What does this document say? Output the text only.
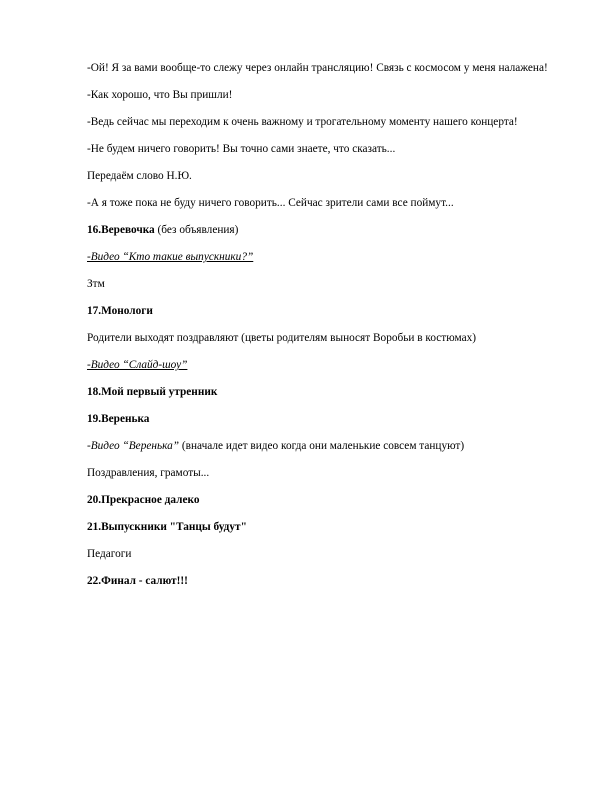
-Ой! Я за вами вообще-то слежу через онлайн трансляцию! Связь с космосом у меня налажена!
-Как хорошо, что Вы пришли!
-Ведь сейчас мы переходим к очень важному и трогательному моменту нашего концерта!
-Не будем ничего говорить! Вы точно сами знаете, что сказать...
Передаём слово Н.Ю.
-А я тоже пока не буду ничего говорить... Сейчас зрители сами все поймут...
16.Веревочка (без объявления)
-Видео “Кто такие выпускники?”
Зтм
17.Монологи
Родители выходят поздравляют (цветы родителям выносят Воробьи в костюмах)
-Видео “Слайд-шоу”
18.Мой первый утренник
19.Веренька
-Видео “Веренька” (вначале идет видео когда они маленькие совсем танцуют)
Поздравления, грамоты...
20.Прекрасное далеко
21.Выпускники "Танцы будут"
Педагоги
22.Финал - салют!!!
